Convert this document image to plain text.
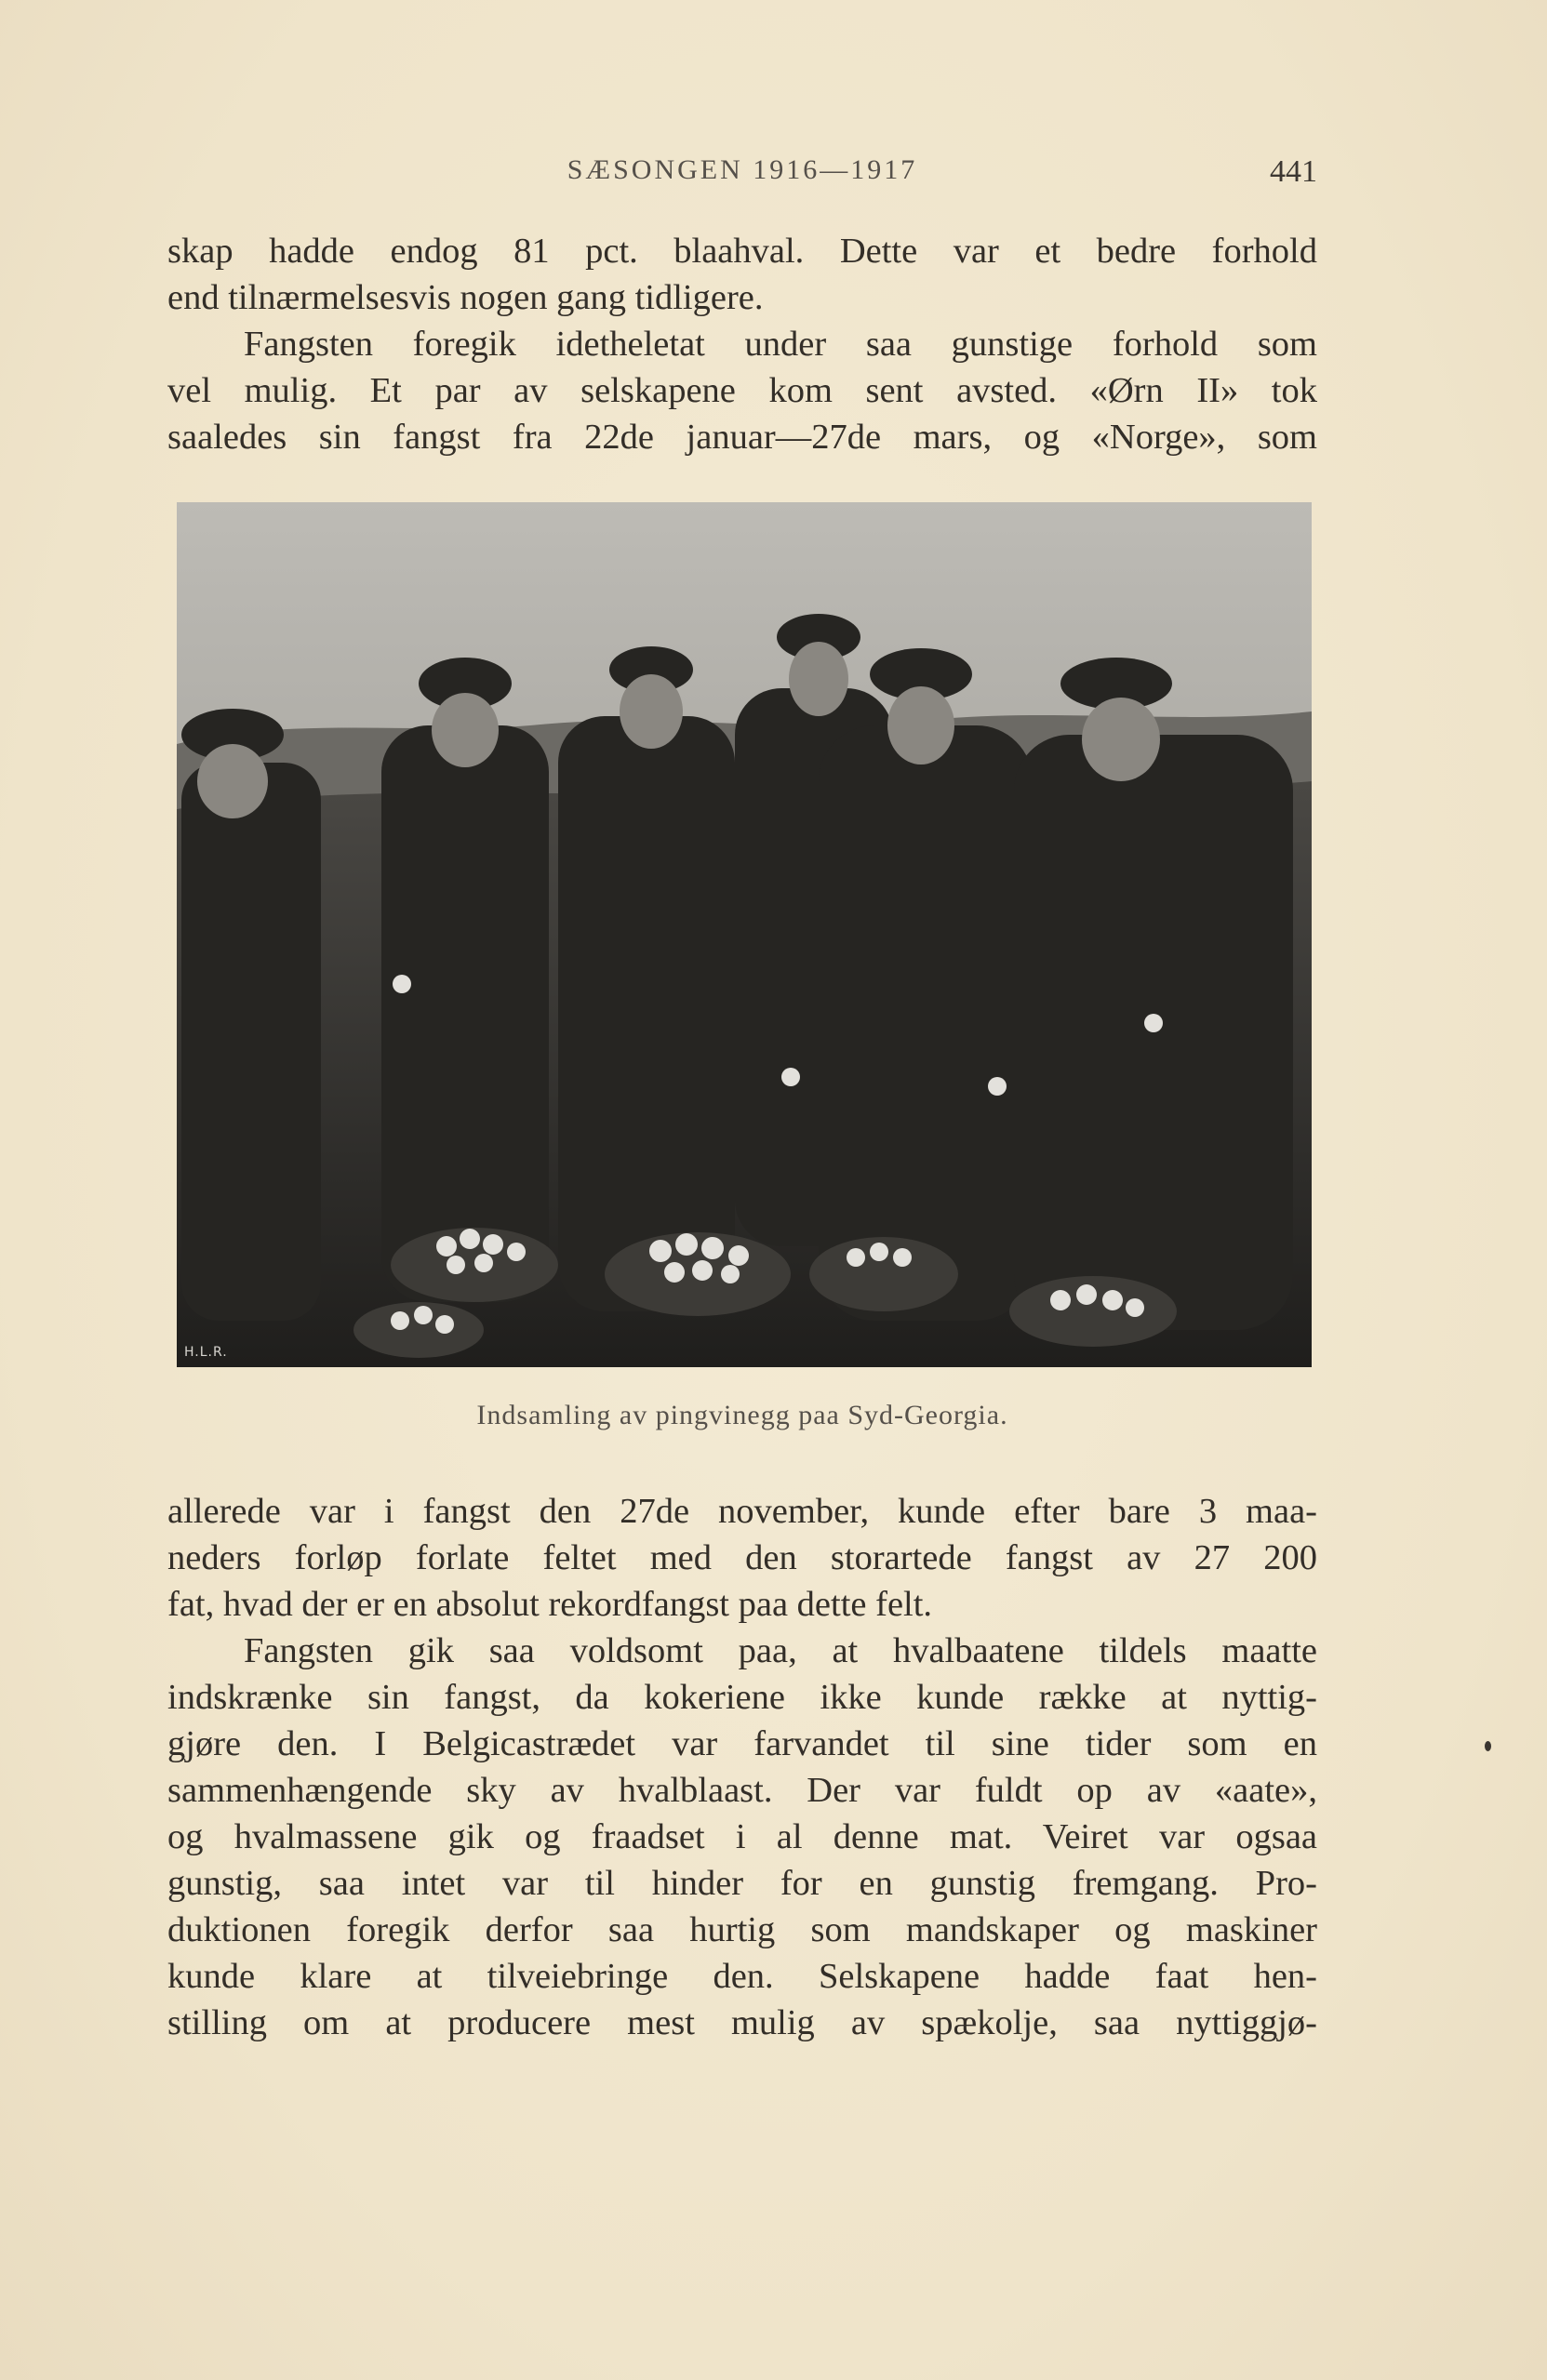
SÆSONGEN 1916—1917	441
skap hadde endog 81 pct. blaahval. Dette var et bedre forhold
end tilnærmelsesvis nogen gang tidligere.
Fangsten foregik idetheletat under saa gunstige forhold som
vel mulig. Et par av selskapene kom sent avsted. «Ørn II» tok
saaledes sin fangst fra 22de januar—27de mars, og «Norge», som
H.L.R.
Indsamling av pingvinegg paa Syd-Georgia.
allerede var i fangst den 27de november, kunde efter bare 3 maa-
neders forløp forlate feltet med den storartede fangst av 27 200
fat, hvad der er en absolut rekordfangst paa dette felt.
Fangsten gik saa voldsomt paa, at hvalbaatene tildels maatte
indskrænke sin fangst, da kokeriene ikke kunde række at nyttig-
gjøre den. I Belgicastrædet var farvandet til sine tider som en
sammenhængende sky av hvalblaast. Der var fuldt op av «aate»,
og hvalmassene gik og fraadset i al denne mat. Veiret var ogsaa
gunstig, saa intet var til hinder for en gunstig fremgang. Pro-
duktionen foregik derfor saa hurtig som mandskaper og maskiner
kunde klare at tilveiebringe den. Selskapene hadde faat hen-
stilling om at producere mest mulig av spækolje, saa nyttiggjø-
